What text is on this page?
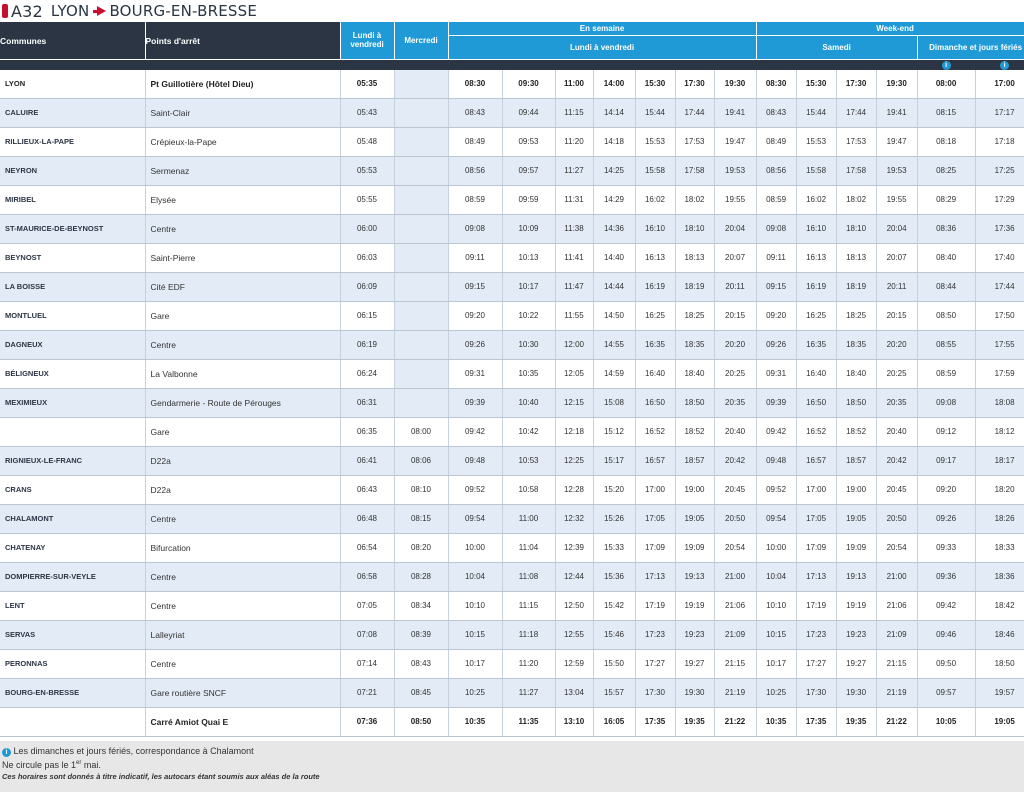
A32 LYON BOURG-EN-BRESSE
Communes	Points d'arrêt	Lundi à vendredi	Mercredi	En semaine							Week-end					
				Lundi à vendredi							Samedi				Dimanche et jours fériés	
															i	i
LYON	Pt Guillotière (Hôtel Dieu)	05:35		08:30	09:30	11:00	14:00	15:30	17:30	19:30	08:30	15:30	17:30	19:30	08:00	17:00
CALUIRE	Saint-Clair	05:43		08:43	09:44	11:15	14:14	15:44	17:44	19:41	08:43	15:44	17:44	19:41	08:15	17:17
RILLIEUX-LA-PAPE	Crépieux-la-Pape	05:48		08:49	09:53	11:20	14:18	15:53	17:53	19:47	08:49	15:53	17:53	19:47	08:18	17:18
NEYRON	Sermenaz	05:53		08:56	09:57	11:27	14:25	15:58	17:58	19:53	08:56	15:58	17:58	19:53	08:25	17:25
MIRIBEL	Elysée	05:55		08:59	09:59	11:31	14:29	16:02	18:02	19:55	08:59	16:02	18:02	19:55	08:29	17:29
ST-MAURICE-DE-BEYNOST	Centre	06:00		09:08	10:09	11:38	14:36	16:10	18:10	20:04	09:08	16:10	18:10	20:04	08:36	17:36
BEYNOST	Saint-Pierre	06:03		09:11	10:13	11:41	14:40	16:13	18:13	20:07	09:11	16:13	18:13	20:07	08:40	17:40
LA BOISSE	Cité EDF	06:09		09:15	10:17	11:47	14:44	16:19	18:19	20:11	09:15	16:19	18:19	20:11	08:44	17:44
MONTLUEL	Gare	06:15		09:20	10:22	11:55	14:50	16:25	18:25	20:15	09:20	16:25	18:25	20:15	08:50	17:50
DAGNEUX	Centre	06:19		09:26	10:30	12:00	14:55	16:35	18:35	20:20	09:26	16:35	18:35	20:20	08:55	17:55
BÉLIGNEUX	La Valbonne	06:24		09:31	10:35	12:05	14:59	16:40	18:40	20:25	09:31	16:40	18:40	20:25	08:59	17:59
MEXIMIEUX	Gendarmerie - Route de Pérouges	06:31		09:39	10:40	12:15	15:08	16:50	18:50	20:35	09:39	16:50	18:50	20:35	09:08	18:08
	Gare	06:35	08:00	09:42	10:42	12:18	15:12	16:52	18:52	20:40	09:42	16:52	18:52	20:40	09:12	18:12
RIGNIEUX-LE-FRANC	D22a	06:41	08:06	09:48	10:53	12:25	15:17	16:57	18:57	20:42	09:48	16:57	18:57	20:42	09:17	18:17
CRANS	D22a	06:43	08:10	09:52	10:58	12:28	15:20	17:00	19:00	20:45	09:52	17:00	19:00	20:45	09:20	18:20
CHALAMONT	Centre	06:48	08:15	09:54	11:00	12:32	15:26	17:05	19:05	20:50	09:54	17:05	19:05	20:50	09:26	18:26
CHATENAY	Bifurcation	06:54	08:20	10:00	11:04	12:39	15:33	17:09	19:09	20:54	10:00	17:09	19:09	20:54	09:33	18:33
DOMPIERRE-SUR-VEYLE	Centre	06:58	08:28	10:04	11:08	12:44	15:36	17:13	19:13	21:00	10:04	17:13	19:13	21:00	09:36	18:36
LENT	Centre	07:05	08:34	10:10	11:15	12:50	15:42	17:19	19:19	21:06	10:10	17:19	19:19	21:06	09:42	18:42
SERVAS	Lalleyriat	07:08	08:39	10:15	11:18	12:55	15:46	17:23	19:23	21:09	10:15	17:23	19:23	21:09	09:46	18:46
PERONNAS	Centre	07:14	08:43	10:17	11:20	12:59	15:50	17:27	19:27	21:15	10:17	17:27	19:27	21:15	09:50	18:50
BOURG-EN-BRESSE	Gare routière SNCF	07:21	08:45	10:25	11:27	13:04	15:57	17:30	19:30	21:19	10:25	17:30	19:30	21:19	09:57	19:57
	Carré Amiot Quai E	07:36	08:50	10:35	11:35	13:10	16:05	17:35	19:35	21:22	10:35	17:35	19:35	21:22	10:05	19:05
i Les dimanches et jours fériés, correspondance à Chalamont
Ne circule pas le 1er mai.
Ces horaires sont donnés à titre indicatif, les autocars étant soumis aux aléas de la route
